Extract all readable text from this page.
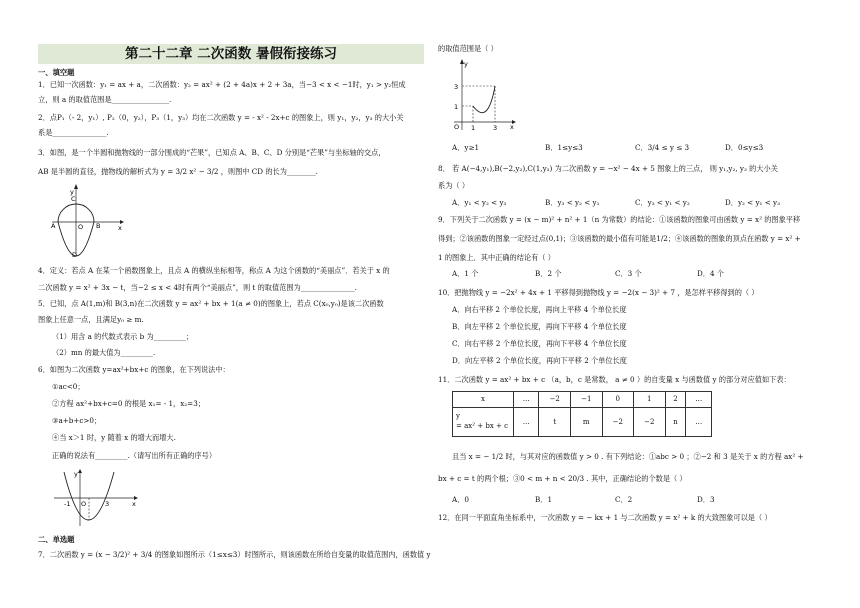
第二十二章 二次函数 暑假衔接练习
一、填空题
1．已知一次函数：y₁ = ax + a，二次函数：y₂ = ax² + (2 + 4a)x + 2 + 3a，当−3 < x < −1时，y₁ > y₂恒成
立，则 a 的取值范围是________________.
2．点P₁（- 2，y₁）, P₂（0，y₂），P₃（1，y₃）均在二次函数 y = - x² - 2x+c 的图象上，则 y₁，y₂，y₃ 的大小关
系是_______________.
3．如图，是一个半圆和抛物线的一部分围成的“芒果”，已知点 A、B、C、D 分别是“芒果”与坐标轴的交点，
AB 是半圆的直径，抛物线的解析式为 y = 3/2 x² − 3/2 ，则图中 CD 的长为________.
y
C
A	O B	x
D
4．定义：若点 A 在某一个函数图象上，且点 A 的横纵坐标相等，称点 A 为这个函数的“美丽点”．若关于 x 的
二次函数 y = x² + 3x − t，当−2 ≤ x < 4时有两个“美丽点”，则 t 的取值范围为_______________.
5．已知，点 A(1,m)和 B(3,n)在二次函数 y = ax² + bx + 1(a ≠ 0)的图象上，若点 C(x₀,y₀)是该二次函数
图象上任意一点，且满足y₀ ≥ m.
（1）用含 a 的代数式表示 b 为_________；
（2）mn 的最大值为_________.
6．如图为二次函数 y=ax²+bx+c 的图象，在下列说法中：
①ac<0；
②方程 ax²+bx+c=0 的根是 x₁= - 1，x₂=3；
③a+b+c>0；
④当 x＞1 时，y 随着 x 的增大而增大.
正确的说法有_________.（请写出所有正确的序号）
y
-1 O	3	x
二、单选题
7．二次函数 y = (x − 3/2)² + 3/4 的图象如图所示（1≤x≤3）时图所示，则该函数在所给自变量的取值范围内，函数值 y
的取值范围是（ ）
y
3
1
O 1	3 x
A．y≥1	B．1≤y≤3	C．3/4 ≤ y ≤ 3	D．0≤y≤3
8． 若 A(−4,y₁),B(−2,y₂),C(1,y₃) 为二次函数 y = −x² − 4x + 5 图象上的三点， 则 y₁,y₂, y₃ 的大小关
系为（ ）
A．y₁ < y₂ < y₃	B．y₃ < y₂ < y₁	C．y₃ < y₁ < y₂	D．y₂ < y₁ < y₃
9．下列关于二次函数 y = (x − m)² + n² + 1（n 为常数）的结论：①该函数的图象可由函数 y = x² 的图象平移
得到；②该函数的图象一定经过点(0,1)；③该函数的最小值有可能是1/2；④该函数的图象的顶点在函数 y = x² +
1 的图象上．其中正确的结论有（ ）
A．1 个	B．2 个	C．3 个	D．4 个
10．把抛物线 y = −2x² + 4x + 1 平移得到抛物线 y = −2(x − 3)² + 7 ，是怎样平移得到的（ ）
A．向右平移 2 个单位长度，再向上平移 4 个单位长度
B．向左平移 2 个单位长度，再向下平移 4 个单位长度
C．向右平移 2 个单位长度，再向下平移 4 个单位长度
D．向左平移 2 个单位长度，再向下平移 2 个单位长度
11．二次函数 y = ax² + bx + c （a，b，c 是常数， a ≠ 0 ）的自变量 x 与函数值 y 的部分对应值如下表：
x	…	−2	−1	0	1	2	…

y
= ax² + bx + c	…	t	m	−2	−2	n	…
且当 x = − 1/2 时，与其对应的函数值 y > 0 . 有下列结论：①abc > 0 ；②−2 和 3 是关于 x 的方程 ax² +
bx + c = t 的两个根；③0 < m + n < 20/3 . 其中，正确结论的个数是（ ）
A．0	B．1	C．2	D．3
12．在同一平面直角坐标系中，一次函数 y = − kx + 1 与二次函数 y = x² + k 的大致图象可以是（ ）
